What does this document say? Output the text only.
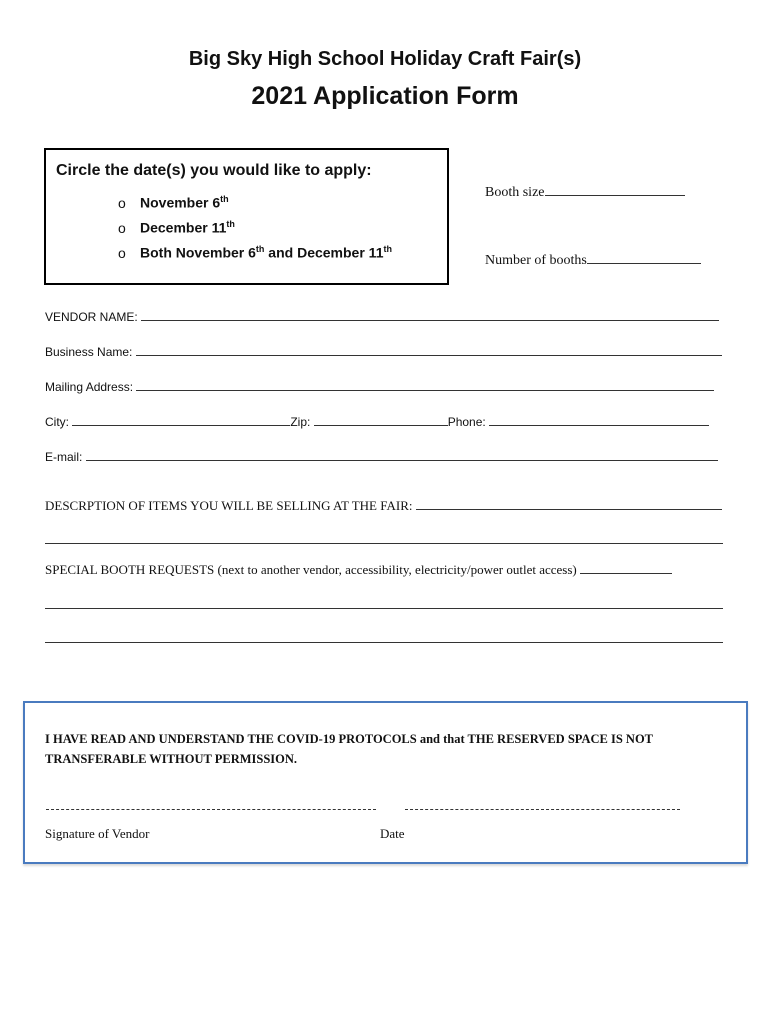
Big Sky High School Holiday Craft Fair(s)
2021 Application Form
Circle the date(s) you would like to apply:
o November 6th
o December 11th
o Both November 6th and December 11th
Booth size
Number of booths
VENDOR NAME:
Business Name:
Mailing Address:
City:	Zip:	Phone:
E-mail:
DESCRPTION OF ITEMS YOU WILL BE SELLING AT THE FAIR:
SPECIAL BOOTH REQUESTS (next to another vendor, accessibility, electricity/power outlet access)
I HAVE READ AND UNDERSTAND THE COVID-19 PROTOCOLS and that THE RESERVED SPACE IS NOT TRANSFERABLE WITHOUT PERMISSION.
Signature of Vendor	Date
